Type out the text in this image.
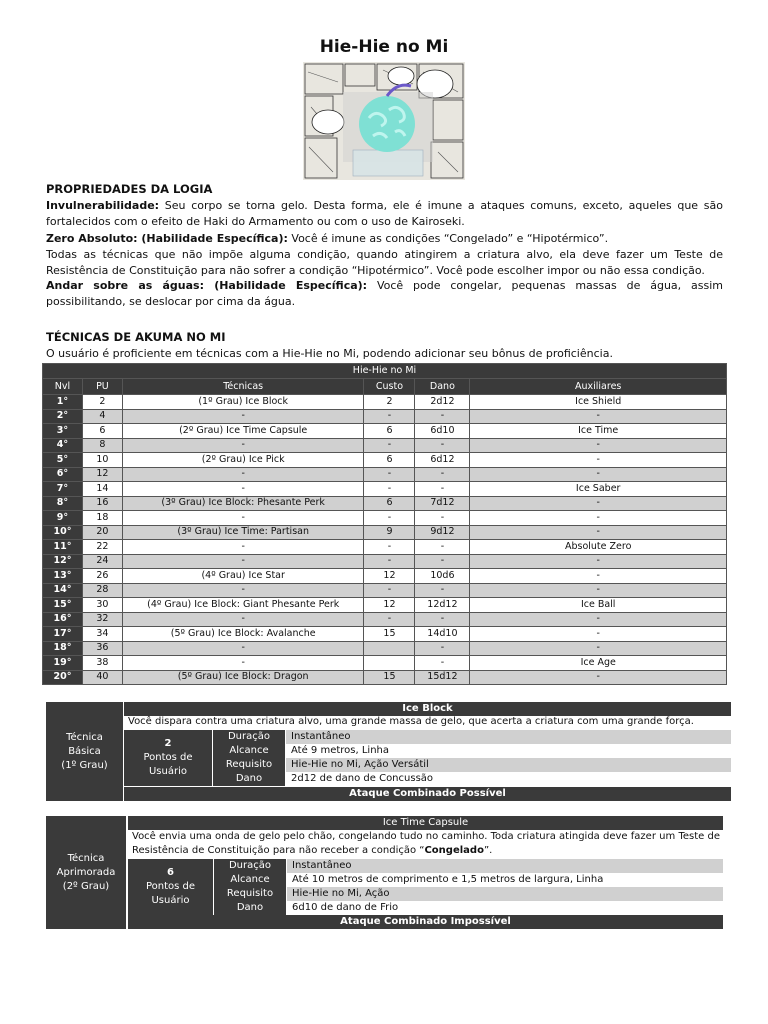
Hie-Hie no Mi
PROPRIEDADES DA LOGIA
Invulnerabilidade: Seu corpo se torna gelo. Desta forma, ele é imune a ataques comuns, exceto, aqueles que são fortalecidos com o efeito de Haki do Armamento ou com o uso de Kairoseki.
Zero Absoluto: (Habilidade Específica): Você é imune as condições “Congelado” e “Hipotérmico”.
Todas as técnicas que não impõe alguma condição, quando atingirem a criatura alvo, ela deve fazer um Teste de Resistência de Constituição para não sofrer a condição “Hipotérmico”. Você pode escolher impor ou não essa condição.
Andar sobre as águas: (Habilidade Específica): Você pode congelar, pequenas massas de água, assim possibilitando, se deslocar por cima da água.
TÉCNICAS DE AKUMA NO MI
O usuário é proficiente em técnicas com a Hie-Hie no Mi, podendo adicionar seu bônus de proficiência.
Hie-Hie no Mi					
Nvl	PU	Técnicas	Custo	Dano	Auxiliares
1°	2	(1º Grau) Ice Block	2	2d12	Ice Shield
2°	4	-	-	-	-
3°	6	(2º Grau) Ice Time Capsule	6	6d10	Ice Time
4°	8	-	-	-	-
5°	10	(2º Grau) Ice Pick	6	6d12	-
6°	12	-	-	-	-
7°	14	-	-	-	Ice Saber
8°	16	(3º Grau) Ice Block: Phesante Perk	6	7d12	-
9°	18	-	-	-	-
10°	20	(3º Grau) Ice Time: Partisan	9	9d12	-
11°	22	-	-	-	Absolute Zero
12°	24	-	-	-	-
13°	26	(4º Grau) Ice Star	12	10d6	-
14°	28	-	-	-	-
15°	30	(4º Grau) Ice Block: Giant Phesante Perk	12	12d12	Ice Ball
16°	32	-	-	-	-
17°	34	(5º Grau) Ice Block: Avalanche	15	14d10	-
18°	36	-		-	-
19°	38	-		-	Ice Age
20°	40	(5º Grau) Ice Block: Dragon	15	15d12	-
Técnica
Básica
(1º Grau)
Ice Block
Você dispara contra uma criatura alvo, uma grande massa de gelo, que acerta a criatura com uma grande força.
2
Pontos de
Usuário
Duração	Instantâneo
Alcance	Até 9 metros, Linha
Requisito	Hie-Hie no Mi, Ação Versátil
Dano	2d12 de dano de Concussão
Ataque Combinado Possível
Técnica
Aprimorada
(2º Grau)
Ice Time Capsule
Você envia uma onda de gelo pelo chão, congelando tudo no caminho. Toda criatura atingida deve fazer um Teste de Resistência de Constituição para não receber a condição “Congelado”.
6
Pontos de
Usuário
Duração	Instantâneo
Alcance	Até 10 metros de comprimento e 1,5 metros de largura, Linha
Requisito	Hie-Hie no Mi, Ação
Dano	6d10 de dano de Frio
Ataque Combinado Impossível
